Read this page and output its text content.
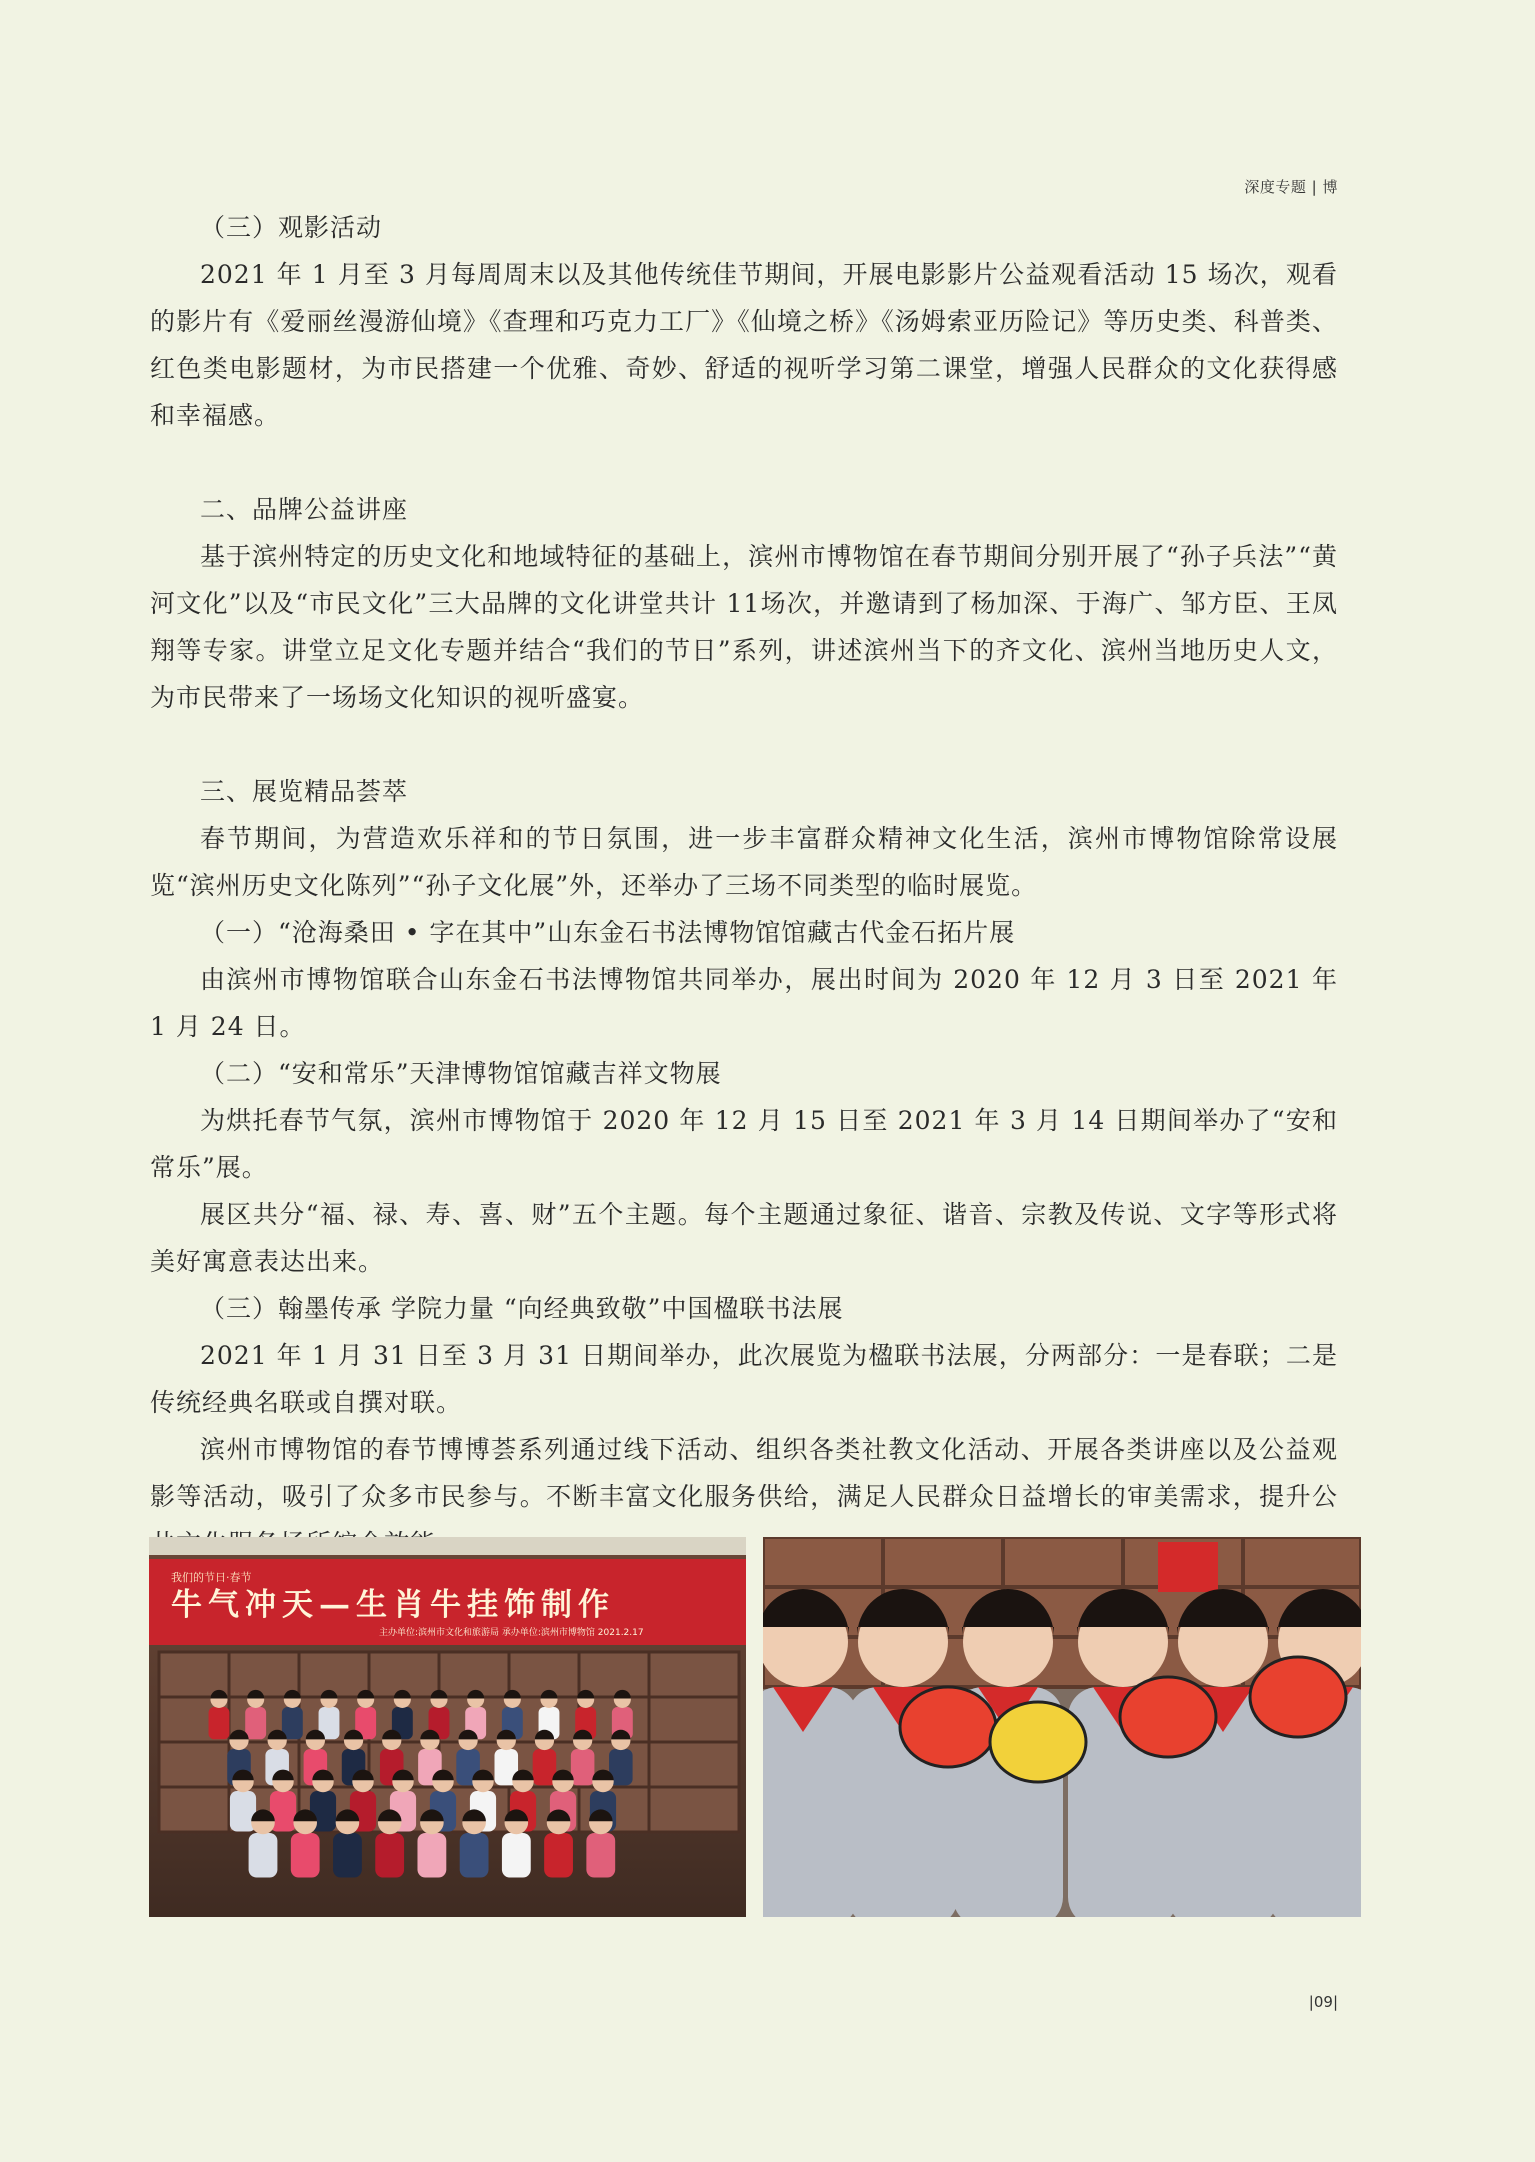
深度专题 | 博

（三）观影活动

2021 年 1 月至 3 月每周周末以及其他传统佳节期间，开展电影影片公益观看活动 15 场次，观看的影片有《爱丽丝漫游仙境》《查理和巧克力工厂》《仙境之桥》《汤姆索亚历险记》等历史类、科普类、红色类电影题材，为市民搭建一个优雅、奇妙、舒适的视听学习第二课堂，增强人民群众的文化获得感和幸福感。

二、品牌公益讲座

基于滨州特定的历史文化和地域特征的基础上，滨州市博物馆在春节期间分别开展了“孙子兵法”“黄河文化”以及“市民文化”三大品牌的文化讲堂共计 11场次，并邀请到了杨加深、于海广、邹方臣、王凤翔等专家。讲堂立足文化专题并结合“我们的节日”系列，讲述滨州当下的齐文化、滨州当地历史人文，为市民带来了一场场文化知识的视听盛宴。

三、展览精品荟萃

春节期间，为营造欢乐祥和的节日氛围，进一步丰富群众精神文化生活，滨州市博物馆除常设展览“滨州历史文化陈列”“孙子文化展”外，还举办了三场不同类型的临时展览。

（一）“沧海桑田 • 字在其中”山东金石书法博物馆馆藏古代金石拓片展

由滨州市博物馆联合山东金石书法博物馆共同举办，展出时间为 2020 年 12 月 3 日至 2021 年 1 月 24 日。

（二）“安和常乐”天津博物馆馆藏吉祥文物展

为烘托春节气氛，滨州市博物馆于 2020 年 12 月 15 日至 2021 年 3 月 14 日期间举办了“安和常乐”展。

展区共分“福、禄、寿、喜、财”五个主题。每个主题通过象征、谐音、宗教及传说、文字等形式将美好寓意表达出来。

（三）翰墨传承 学院力量 “向经典致敬”中国楹联书法展

2021 年 1 月 31 日至 3 月 31 日期间举办，此次展览为楹联书法展，分两部分：一是春联；二是传统经典名联或自撰对联。

滨州市博物馆的春节博博荟系列通过线下活动、组织各类社教文化活动、开展各类讲座以及公益观影等活动，吸引了众多市民参与。不断丰富文化服务供给，满足人民群众日益增长的审美需求，提升公

我们的节日·春节
牛气冲天—生肖牛挂饰制作
主办单位:滨州市文化和旅游局 承办单位:滨州市博物馆 2021.2.17
|09|
